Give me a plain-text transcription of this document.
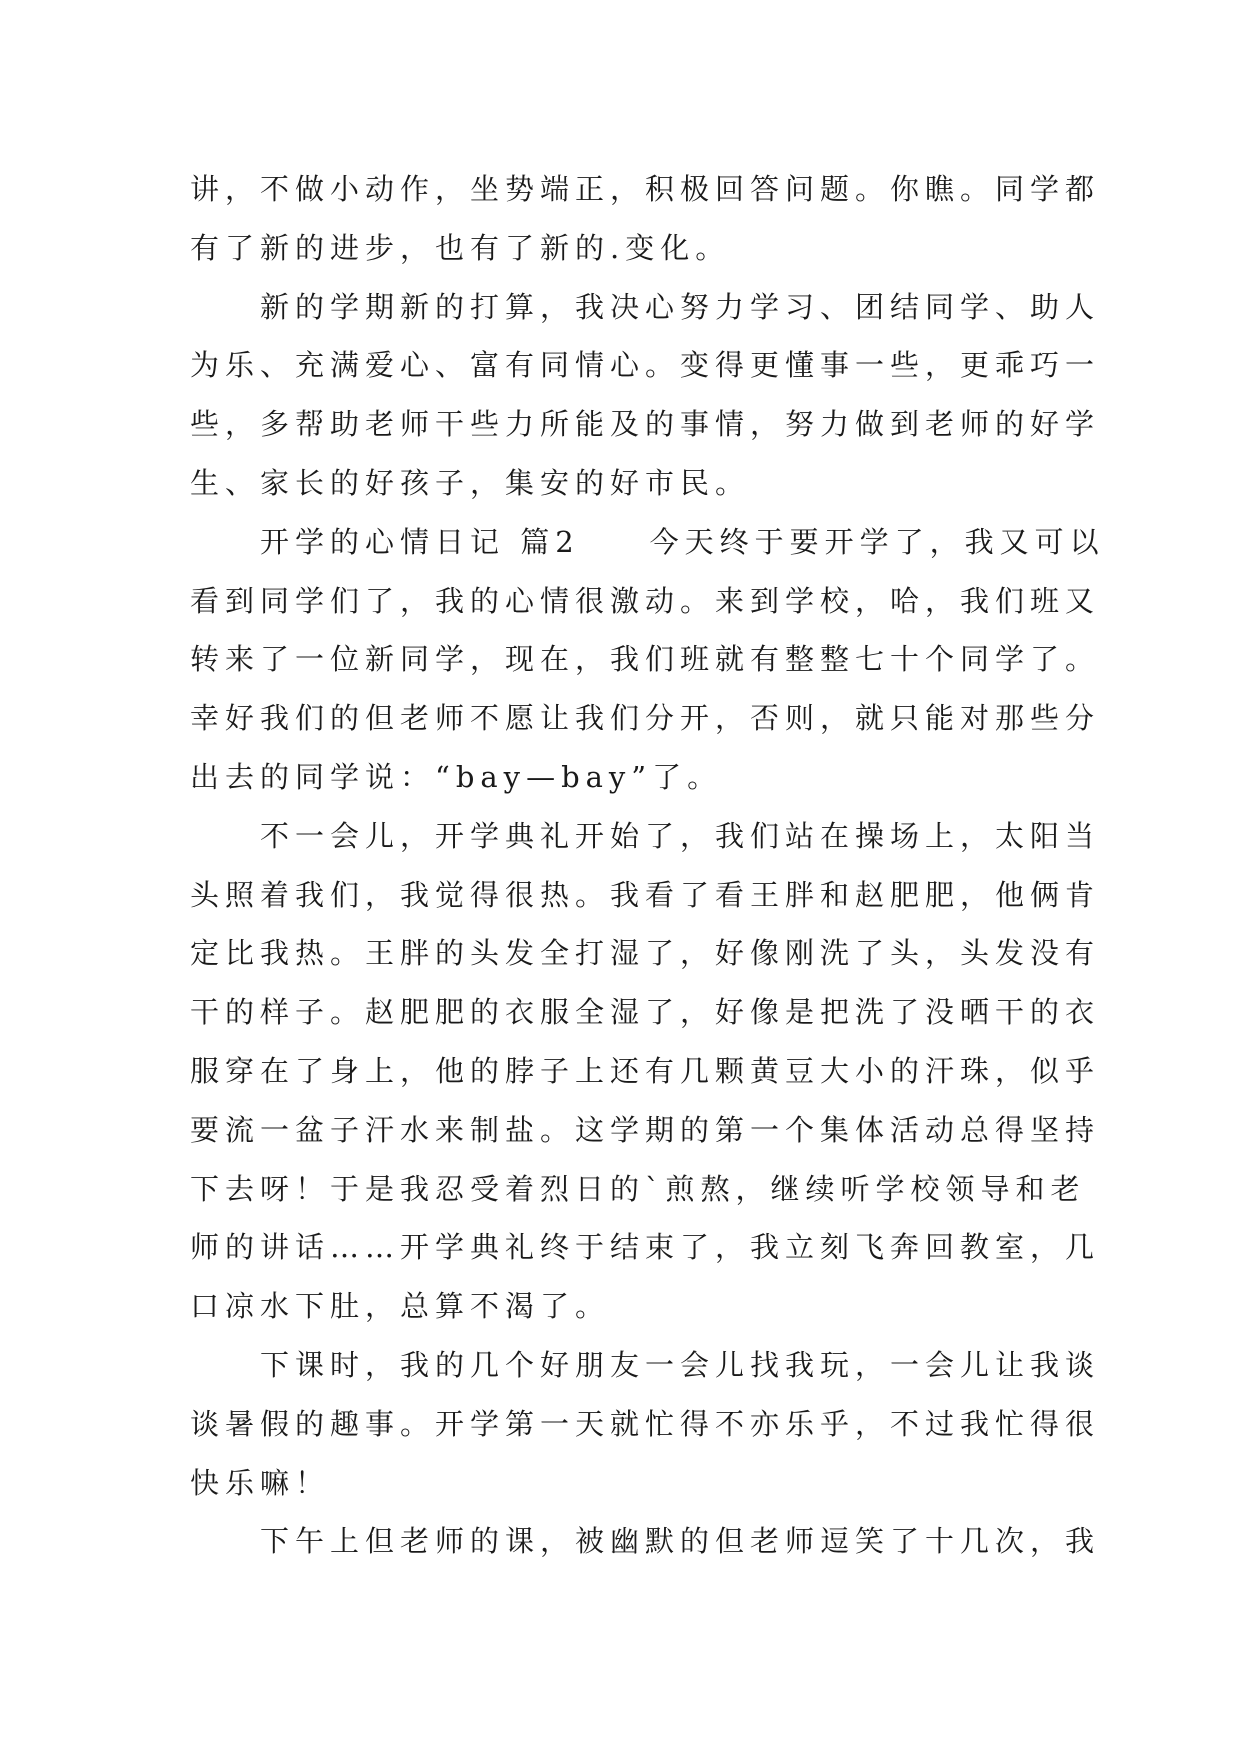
讲，不做小动作，坐势端正，积极回答问题。你瞧。同学都

有了新的进步，也有了新的.变化。

　　新的学期新的打算，我决心努力学习、团结同学、助人

为乐、充满爱心、富有同情心。变得更懂事一些，更乖巧一

些，多帮助老师干些力所能及的事情，努力做到老师的好学

生、家长的好孩子，集安的好市民。

　　开学的心情日记 篇2　　今天终于要开学了，我又可以

看到同学们了，我的心情很激动。来到学校，哈，我们班又

转来了一位新同学，现在，我们班就有整整七十个同学了。

幸好我们的但老师不愿让我们分开，否则，就只能对那些分

出去的同学说：“bay—bay”了。

　　不一会儿，开学典礼开始了，我们站在操场上，太阳当

头照着我们，我觉得很热。我看了看王胖和赵肥肥，他俩肯

定比我热。王胖的头发全打湿了，好像刚洗了头，头发没有

干的样子。赵肥肥的衣服全湿了，好像是把洗了没晒干的衣

服穿在了身上，他的脖子上还有几颗黄豆大小的汗珠，似乎

要流一盆子汗水来制盐。这学期的第一个集体活动总得坚持

下去呀！于是我忍受着烈日的`煎熬，继续听学校领导和老

师的讲话……开学典礼终于结束了，我立刻飞奔回教室，几

口凉水下肚，总算不渴了。

　　下课时，我的几个好朋友一会儿找我玩，一会儿让我谈

谈暑假的趣事。开学第一天就忙得不亦乐乎，不过我忙得很

快乐嘛！

　　下午上但老师的课，被幽默的但老师逗笑了十几次，我
